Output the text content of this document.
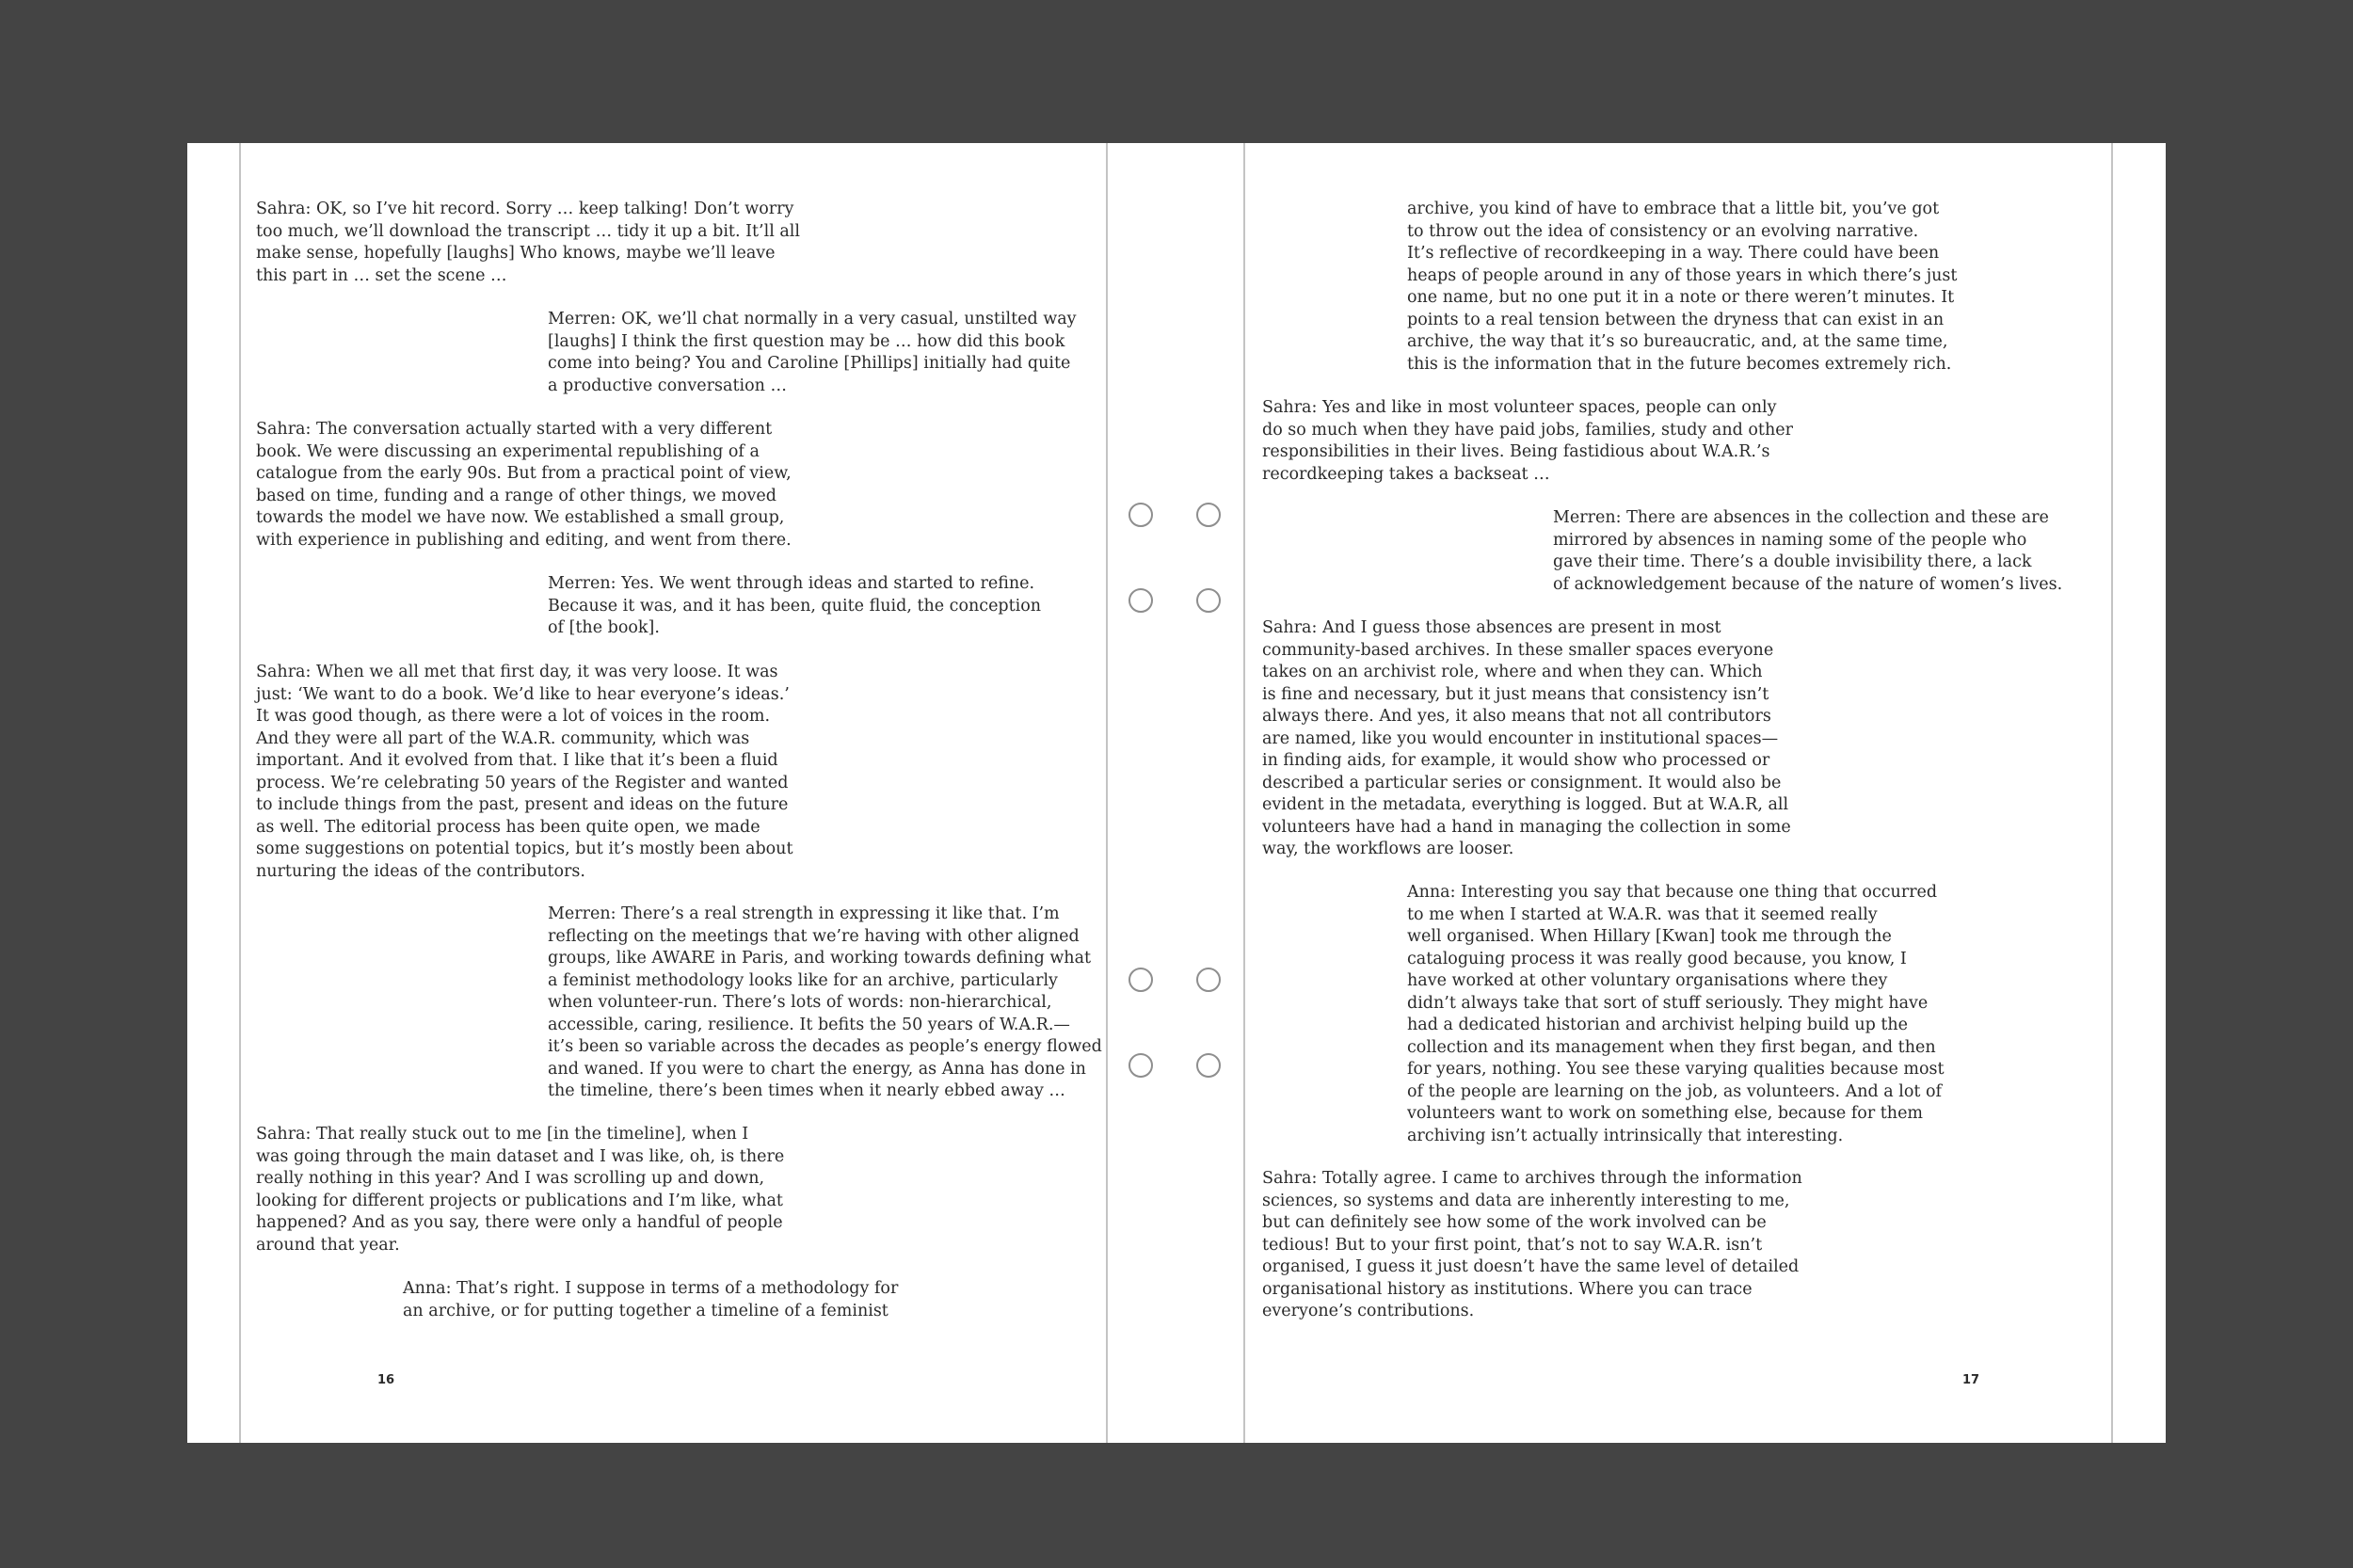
Sahra: OK, so I’ve hit record. Sorry … keep talking! Don’t worry
too much, we’ll download the transcript … tidy it up a bit. It’ll all
make sense, hopefully [laughs] Who knows, maybe we’ll leave
this part in … set the scene …

Merren: OK, we’ll chat normally in a very casual, unstilted way
[laughs] I think the first question may be … how did this book
come into being? You and Caroline [Phillips] initially had quite
a productive conversation …

Sahra: The conversation actually started with a very different
book. We were discussing an experimental republishing of a
catalogue from the early 90s. But from a practical point of view,
based on time, funding and a range of other things, we moved
towards the model we have now. We established a small group,
with experience in publishing and editing, and went from there.

Merren: Yes. We went through ideas and started to refine.
Because it was, and it has been, quite fluid, the conception
of [the book].

Sahra: When we all met that first day, it was very loose. It was
just: ‘We want to do a book. We’d like to hear everyone’s ideas.’
It was good though, as there were a lot of voices in the room.
And they were all part of the W.A.R. community, which was
important. And it evolved from that. I like that it’s been a fluid
process. We’re celebrating 50 years of the Register and wanted
to include things from the past, present and ideas on the future
as well. The editorial process has been quite open, we made
some suggestions on potential topics, but it’s mostly been about
nurturing the ideas of the contributors.

Merren: There’s a real strength in expressing it like that. I’m
reflecting on the meetings that we’re having with other aligned
groups, like AWARE in Paris, and working towards defining what
a feminist methodology looks like for an archive, particularly
when volunteer-run. There’s lots of words: non-hierarchical,
accessible, caring, resilience. It befits the 50 years of W.A.R.—
it’s been so variable across the decades as people’s energy flowed
and waned. If you were to chart the energy, as Anna has done in
the timeline, there’s been times when it nearly ebbed away …

Sahra: That really stuck out to me [in the timeline], when I
was going through the main dataset and I was like, oh, is there
really nothing in this year? And I was scrolling up and down,
looking for different projects or publications and I’m like, what
happened? And as you say, there were only a handful of people
around that year.

Anna: That’s right. I suppose in terms of a methodology for
an archive, or for putting together a timeline of a feminist

16

archive, you kind of have to embrace that a little bit, you’ve got
to throw out the idea of consistency or an evolving narrative.
It’s reflective of recordkeeping in a way. There could have been
heaps of people around in any of those years in which there’s just
one name, but no one put it in a note or there weren’t minutes. It
points to a real tension between the dryness that can exist in an
archive, the way that it’s so bureaucratic, and, at the same time,
this is the information that in the future becomes extremely rich.

Sahra: Yes and like in most volunteer spaces, people can only
do so much when they have paid jobs, families, study and other
responsibilities in their lives. Being fastidious about W.A.R.’s
recordkeeping takes a backseat …

Merren: There are absences in the collection and these are
mirrored by absences in naming some of the people who
gave their time. There’s a double invisibility there, a lack
of acknowledgement because of the nature of women’s lives.

Sahra: And I guess those absences are present in most
community-based archives. In these smaller spaces everyone
takes on an archivist role, where and when they can. Which
is fine and necessary, but it just means that consistency isn’t
always there. And yes, it also means that not all contributors
are named, like you would encounter in institutional spaces—
in finding aids, for example, it would show who processed or
described a particular series or consignment. It would also be
evident in the metadata, everything is logged. But at W.A.R, all
volunteers have had a hand in managing the collection in some
way, the workflows are looser.

Anna: Interesting you say that because one thing that occurred
to me when I started at W.A.R. was that it seemed really
well organised. When Hillary [Kwan] took me through the
cataloguing process it was really good because, you know, I
have worked at other voluntary organisations where they
didn’t always take that sort of stuff seriously. They might have
had a dedicated historian and archivist helping build up the
collection and its management when they first began, and then
for years, nothing. You see these varying qualities because most
of the people are learning on the job, as volunteers. And a lot of
volunteers want to work on something else, because for them
archiving isn’t actually intrinsically that interesting.

Sahra: Totally agree. I came to archives through the information
sciences, so systems and data are inherently interesting to me,
but can definitely see how some of the work involved can be
tedious! But to your first point, that’s not to say W.A.R. isn’t
organised, I guess it just doesn’t have the same level of detailed
organisational history as institutions. Where you can trace
everyone’s contributions.

17
